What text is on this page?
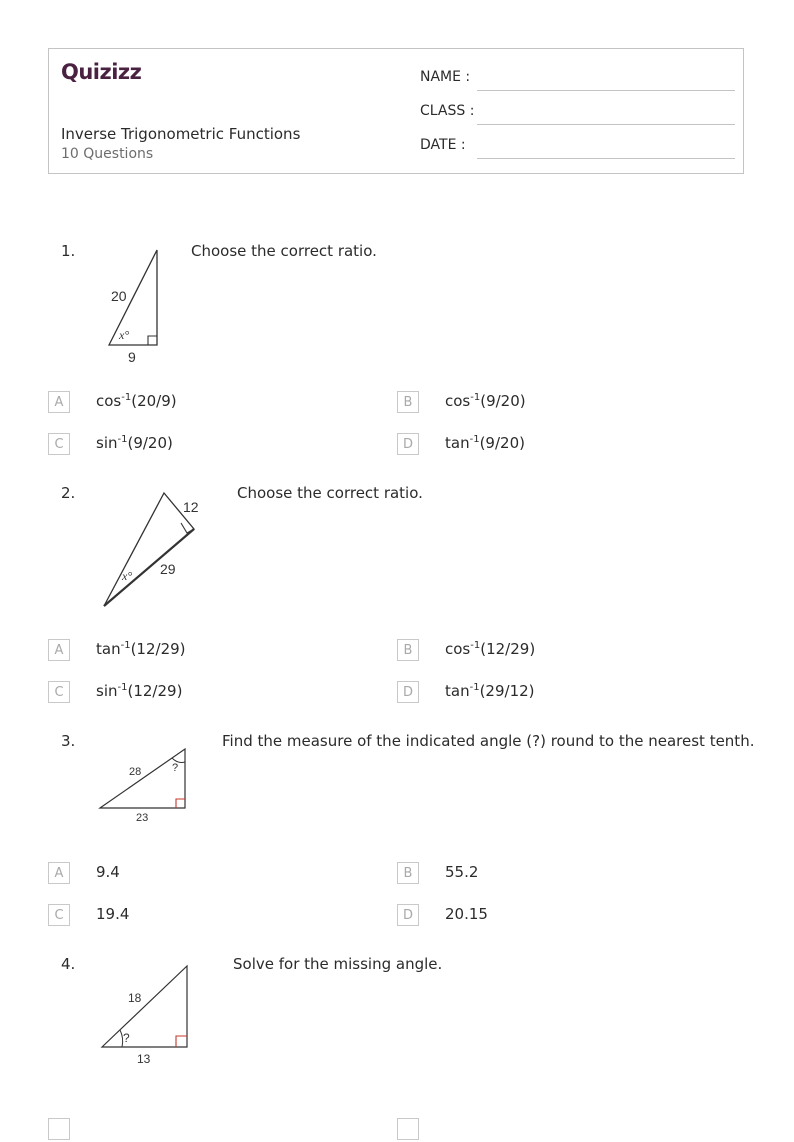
Quizizz
Inverse Trigonometric Functions
10 Questions
NAME :
CLASS :
DATE :
1.
20
9
x°
Choose the correct ratio.
A	$\cos^{-1}(20/9)$	B	$\cos^{-1}(9/20)$
C	$\sin^{-1}(9/20)$	D	$\tan^{-1}(9/20)$
2.
12
29
x°
Choose the correct ratio.
A	$\tan^{-1}(12/29)$	B	$\cos^{-1}(12/29)$
C	$\sin^{-1}(12/29)$	D	$\tan^{-1}(29/12)$
3.
28
23
?
Find the measure of the indicated angle (?) round to the nearest tenth.
A	9.4	B	55.2
C	19.4	D	20.15
4.
18
13
?
Solve for the missing angle.
